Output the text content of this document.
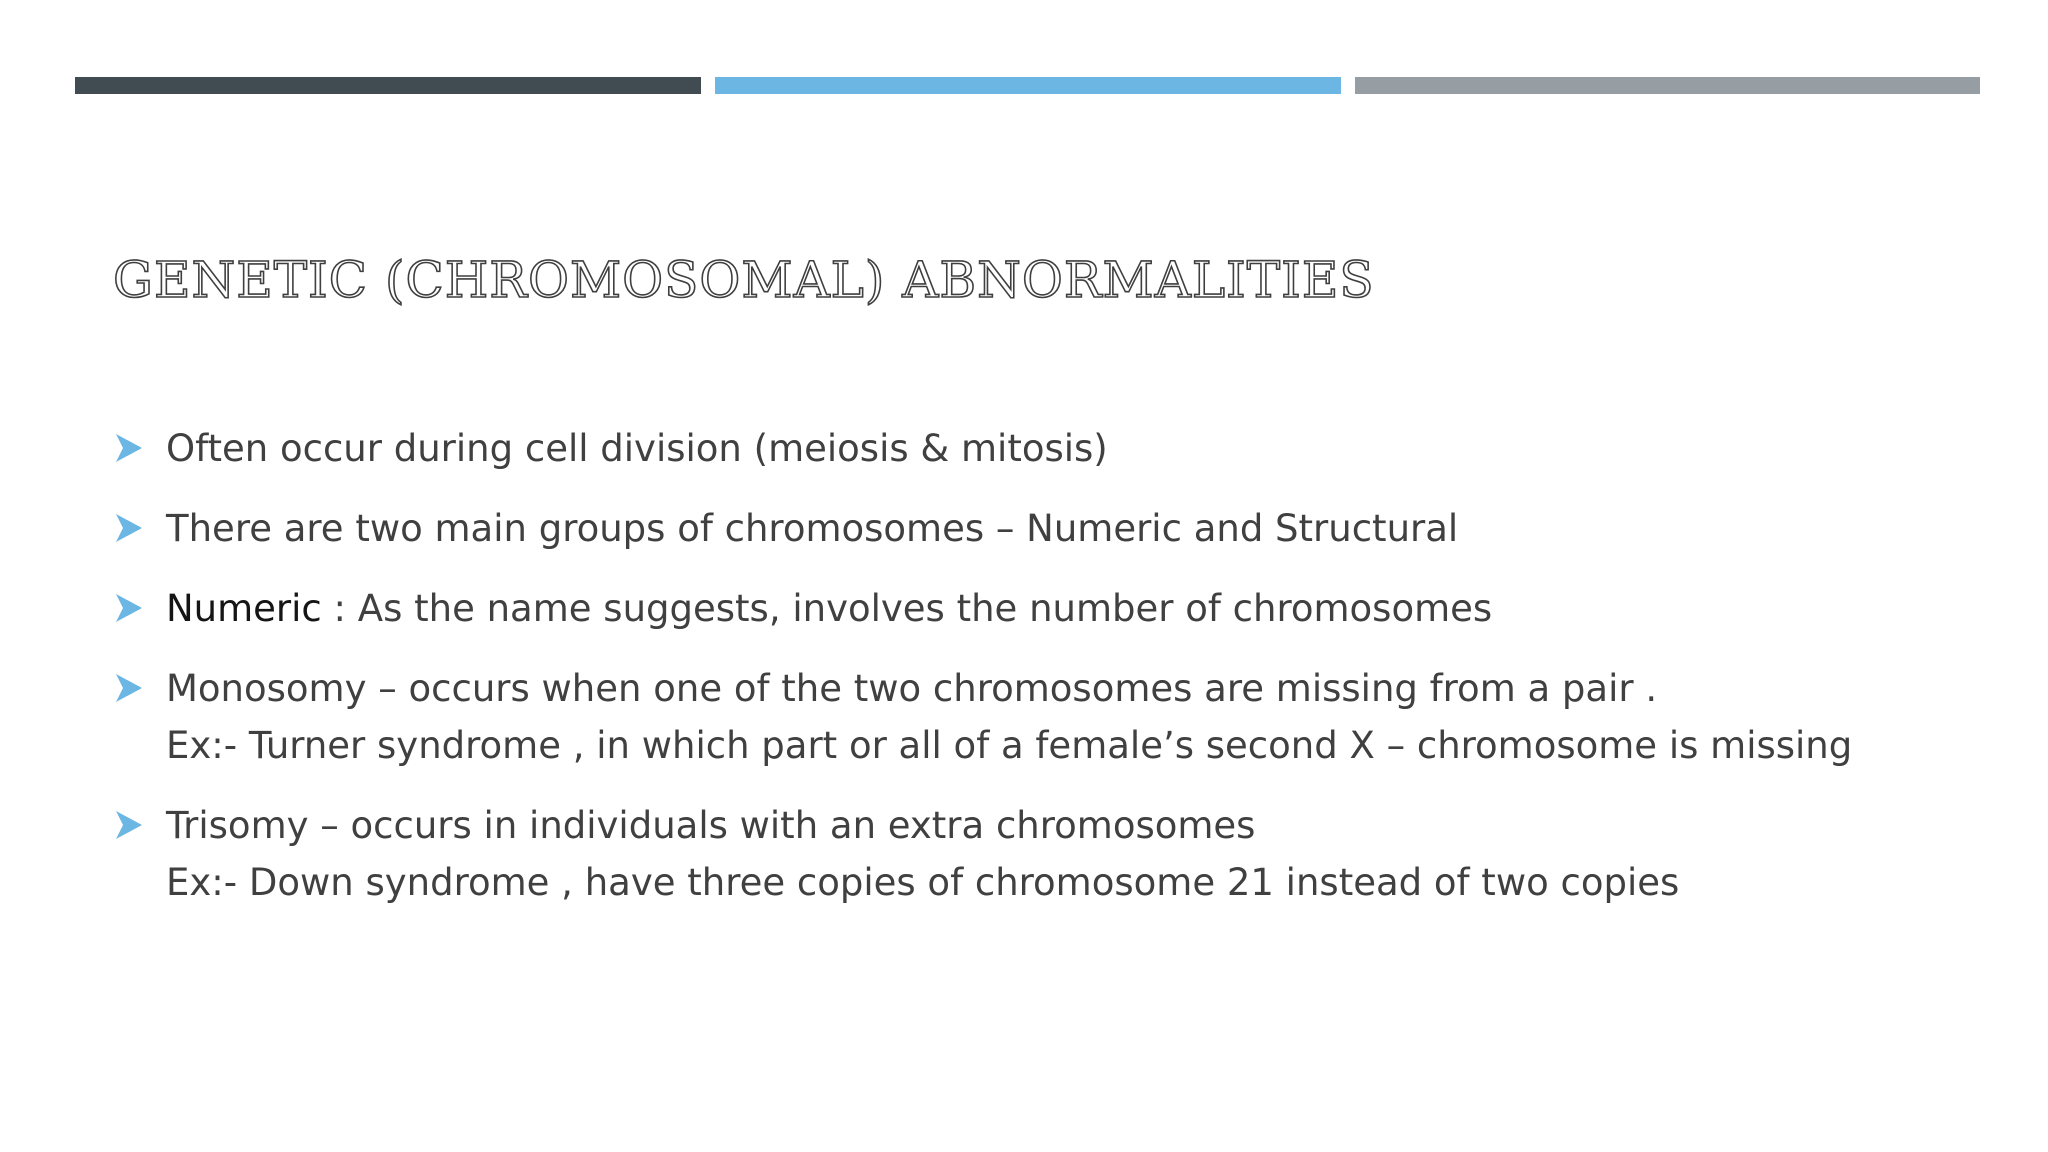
GENETIC (CHROMOSOMAL) ABNORMALITIES
Often occur during cell division (meiosis & mitosis)
There are two main groups of chromosomes – Numeric and Structural
Numeric : As the name suggests, involves the number of chromosomes
Monosomy – occurs when one of the two chromosomes are missing from a pair .
Ex:- Turner syndrome , in which part or all of a female’s second X – chromosome is missing
Trisomy – occurs in individuals with an extra chromosomes
Ex:- Down syndrome , have three copies of chromosome 21 instead of two copies
